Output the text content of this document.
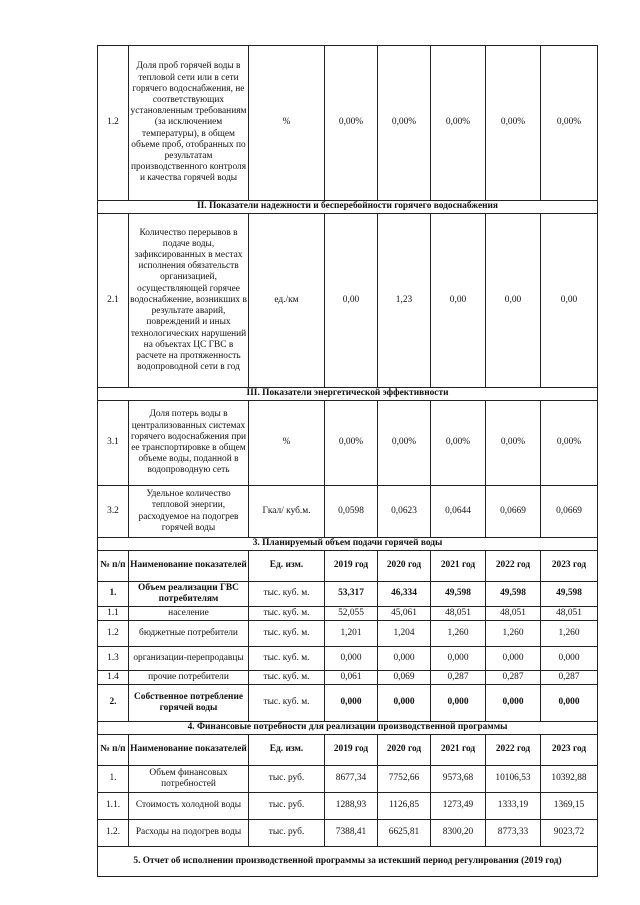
1.2	Доля проб горячей воды в тепловой сети или в сети горячего водоснабжения, не соответствующих установленным требованиям (за исключением температуры), в общем объеме проб, отобранных по результатам производственного контроля и качества горячей воды	%	0,00%	0,00%	0,00%	0,00%	0,00%
II. Показатели надежности и бесперебойности горячего водоснабжения							
2.1	Количество перерывов в подаче воды, зафиксированных в местах исполнения обязательств организацией, осуществляющей горячее водоснабжение, возникших в результате аварий, повреждений и иных технологических нарушений на объектах ЦС ГВС в расчете на протяженность водопроводной сети в год	ед./км	0,00	1,23	0,00	0,00	0,00
III. Показатели энергетической эффективности							
3.1	Доля потерь воды в централизованных системах горячего водоснабжения при ее транспортировке в общем объеме воды, поданной в водопроводную сеть	%	0,00%	0,00%	0,00%	0,00%	0,00%
3.2	Удельное количество тепловой энергии, расходуемое на подогрев горячей воды	Гкал/ куб.м.	0,0598	0,0623	0,0644	0,0669	0,0669
3. Планируемый объем подачи горячей воды							
№ п/п	Наименование показателей	Ед. изм.	2019 год	2020 год	2021 год	2022 год	2023 год
1.	Объем реализации ГВС потребителям	тыс. куб. м.	53,317	46,334	49,598	49,598	49,598
1.1	население	тыс. куб. м.	52,055	45,061	48,051	48,051	48,051
1.2	бюджетные потребители	тыс. куб. м.	1,201	1,204	1,260	1,260	1,260
1.3	организации-перепродавцы	тыс. куб. м.	0,000	0,000	0,000	0,000	0,000
1.4	прочие потребители	тыс. куб. м.	0,061	0,069	0,287	0,287	0,287
2.	Собственное потребление горячей воды	тыс. куб. м.	0,000	0,000	0,000	0,000	0,000
4. Финансовые потребности для реализации производственной программы							
№ п/п	Наименование показателей	Ед. изм.	2019 год	2020 год	2021 год	2022 год	2023 год
1.	Объем финансовых потребностей	тыс. руб.	8677,34	7752,66	9573,68	10106,53	10392,88
1.1.	Стоимость холодной воды	тыс. руб.	1288,93	1126,85	1273,49	1333,19	1369,15
1.2.	Расходы на подогрев воды	тыс. руб.	7388,41	6625,81	8300,20	8773,33	9023,72
5. Отчет об исполнении производственной программы за истекший период регулирования (2019 год)							
